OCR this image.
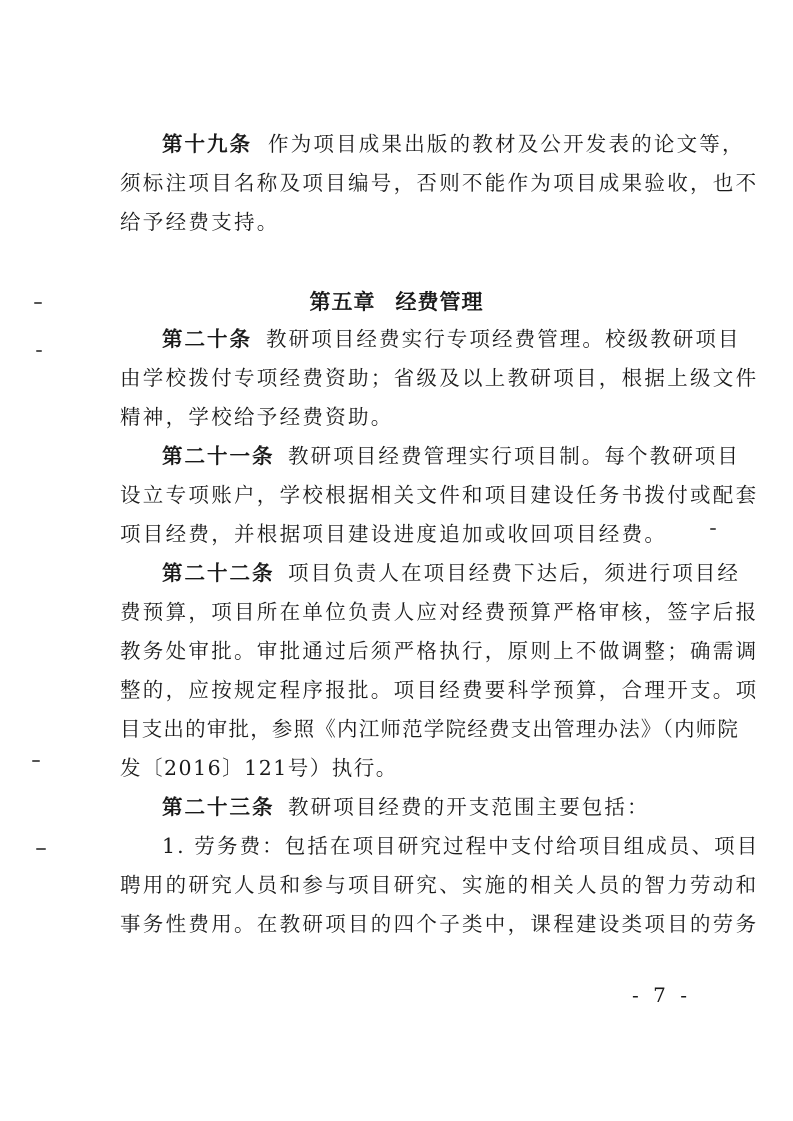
第十九条 作为项目成果出版的教材及公开发表的论文等，
须标注项目名称及项目编号，否则不能作为项目成果验收，也不
给予经费支持。
第五章 经费管理
第二十条 教研项目经费实行专项经费管理。校级教研项目
由学校拨付专项经费资助；省级及以上教研项目，根据上级文件
精神，学校给予经费资助。
第二十一条 教研项目经费管理实行项目制。每个教研项目
设立专项账户，学校根据相关文件和项目建设任务书拨付或配套
项目经费，并根据项目建设进度追加或收回项目经费。
第二十二条 项目负责人在项目经费下达后，须进行项目经
费预算，项目所在单位负责人应对经费预算严格审核，签字后报
教务处审批。审批通过后须严格执行，原则上不做调整；确需调
整的，应按规定程序报批。项目经费要科学预算，合理开支。项
目支出的审批，参照《内江师范学院经费支出管理办法》（内师院
发〔2016〕121号）执行。
第二十三条 教研项目经费的开支范围主要包括：
1. 劳务费：包括在项目研究过程中支付给项目组成员、项目
聘用的研究人员和参与项目研究、实施的相关人员的智力劳动和
事务性费用。在教研项目的四个子类中，课程建设类项目的劳务
- 7 -
